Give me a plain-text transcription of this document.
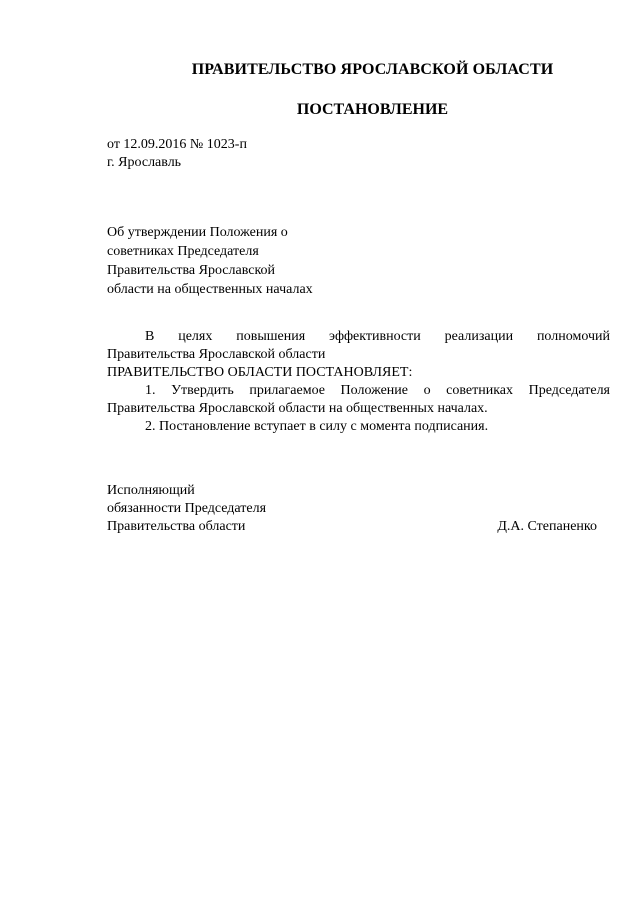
ПРАВИТЕЛЬСТВО ЯРОСЛАВСКОЙ ОБЛАСТИ
ПОСТАНОВЛЕНИЕ
от 12.09.2016 № 1023-п
г. Ярославль
Об утверждении Положения о
советниках Председателя
Правительства Ярославской
области на общественных началах
В целях повышения эффективности реализации полномочий
Правительства Ярославской области
ПРАВИТЕЛЬСТВО ОБЛАСТИ ПОСТАНОВЛЯЕТ:
1. Утвердить прилагаемое Положение о советниках Председателя
Правительства Ярославской области на общественных началах.
2. Постановление вступает в силу с момента подписания.
Исполняющий
обязанности Председателя
Правительства области	Д.А. Степаненко
